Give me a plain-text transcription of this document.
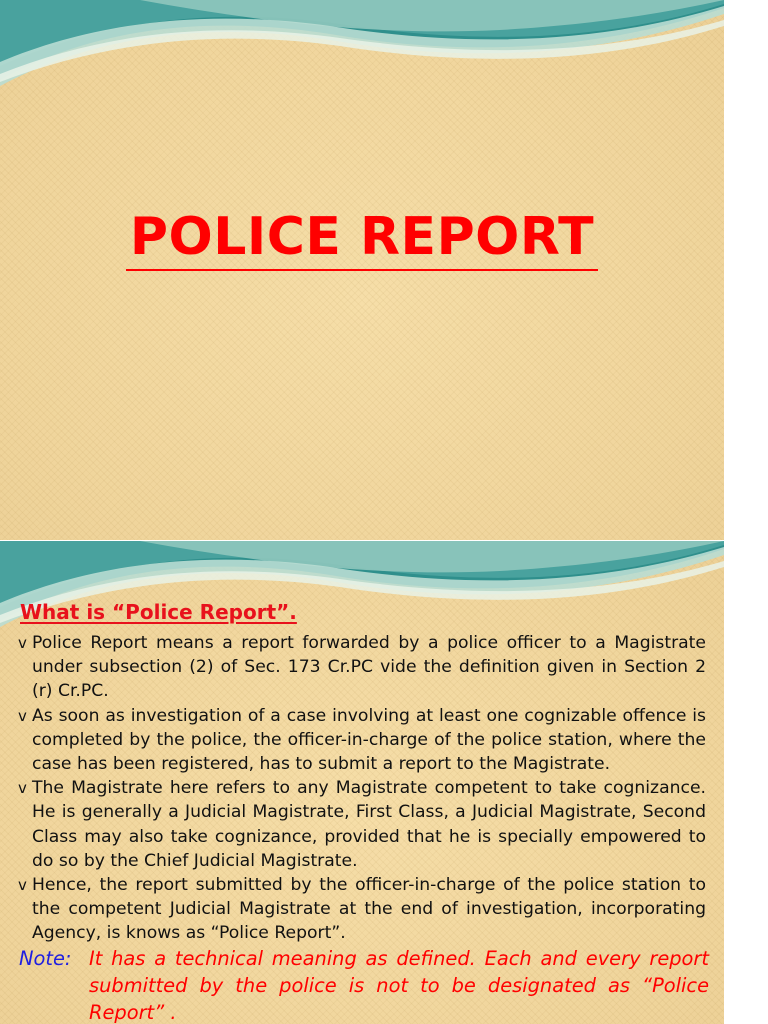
POLICE REPORT
What is “Police Report”.
v Police Report means a report forwarded by a police officer to a Magistrate under subsection (2) of Sec. 173 Cr.PC vide the definition given in Section 2 (r) Cr.PC.
v As soon as investigation of a case involving at least one cognizable offence is completed by the police, the officer-in-charge of the police station, where the case has been registered, has to submit a report to the Magistrate.
v The Magistrate here refers to any Magistrate competent to take cognizance. He is generally a Judicial Magistrate, First Class, a Judicial Magistrate, Second Class may also take cognizance, provided that he is specially empowered to do so by the Chief Judicial Magistrate.
v Hence, the report submitted by the officer-in-charge of the police station to the competent Judicial Magistrate at the end of investigation, incorporating Agency, is knows as “Police Report”.

Note: It has a technical meaning as defined. Each and every report submitted by the police is not to be designated as “Police Report” .
